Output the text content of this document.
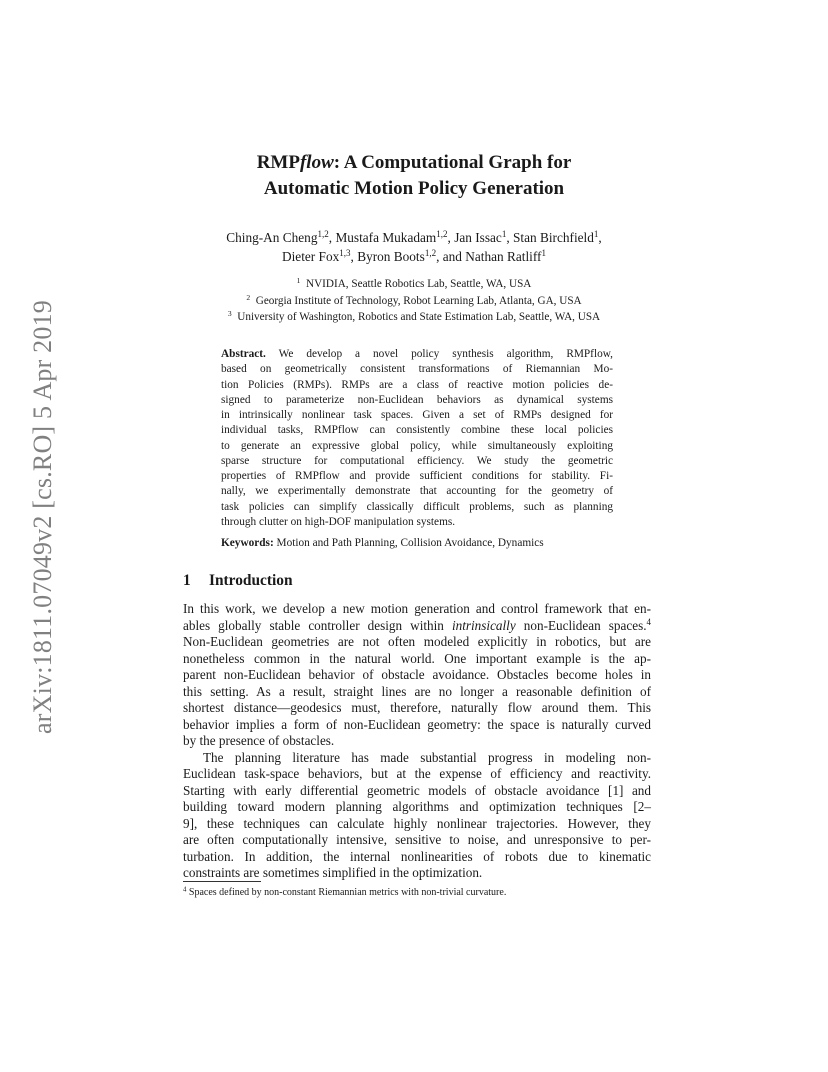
arXiv:1811.07049v2 [cs.RO] 5 Apr 2019
RMPflow: A Computational Graph for
Automatic Motion Policy Generation
Ching-An Cheng$^{1,2}$, Mustafa Mukadam$^{1,2}$, Jan Issac$^1$, Stan Birchfield$^1$,
Dieter Fox$^{1,3}$, Byron Boots$^{1,2}$, and Nathan Ratliff$^1$
$^1$ NVIDIA, Seattle Robotics Lab, Seattle, WA, USA
$^2$ Georgia Institute of Technology, Robot Learning Lab, Atlanta, GA, USA
$^3$ University of Washington, Robotics and State Estimation Lab, Seattle, WA, USA
Abstract. We develop a novel policy synthesis algorithm, RMPflow,
based on geometrically consistent transformations of Riemannian Mo-
tion Policies (RMPs). RMPs are a class of reactive motion policies de-
signed to parameterize non-Euclidean behaviors as dynamical systems
in intrinsically nonlinear task spaces. Given a set of RMPs designed for
individual tasks, RMPflow can consistently combine these local policies
to generate an expressive global policy, while simultaneously exploiting
sparse structure for computational efficiency. We study the geometric
properties of RMPflow and provide sufficient conditions for stability. Fi-
nally, we experimentally demonstrate that accounting for the geometry of
task policies can simplify classically difficult problems, such as planning
through clutter on high-DOF manipulation systems.
Keywords: Motion and Path Planning, Collision Avoidance, Dynamics
1 Introduction
In this work, we develop a new motion generation and control framework that en-
ables globally stable controller design within intrinsically non-Euclidean spaces.$^4$
Non-Euclidean geometries are not often modeled explicitly in robotics, but are
nonetheless common in the natural world. One important example is the ap-
parent non-Euclidean behavior of obstacle avoidance. Obstacles become holes in
this setting. As a result, straight lines are no longer a reasonable definition of
shortest distance—geodesics must, therefore, naturally flow around them. This
behavior implies a form of non-Euclidean geometry: the space is naturally curved
by the presence of obstacles.
The planning literature has made substantial progress in modeling non-
Euclidean task-space behaviors, but at the expense of efficiency and reactivity.
Starting with early differential geometric models of obstacle avoidance [1] and
building toward modern planning algorithms and optimization techniques [2–
9], these techniques can calculate highly nonlinear trajectories. However, they
are often computationally intensive, sensitive to noise, and unresponsive to per-
turbation. In addition, the internal nonlinearities of robots due to kinematic
constraints are sometimes simplified in the optimization.
$^4$ Spaces defined by non-constant Riemannian metrics with non-trivial curvature.
